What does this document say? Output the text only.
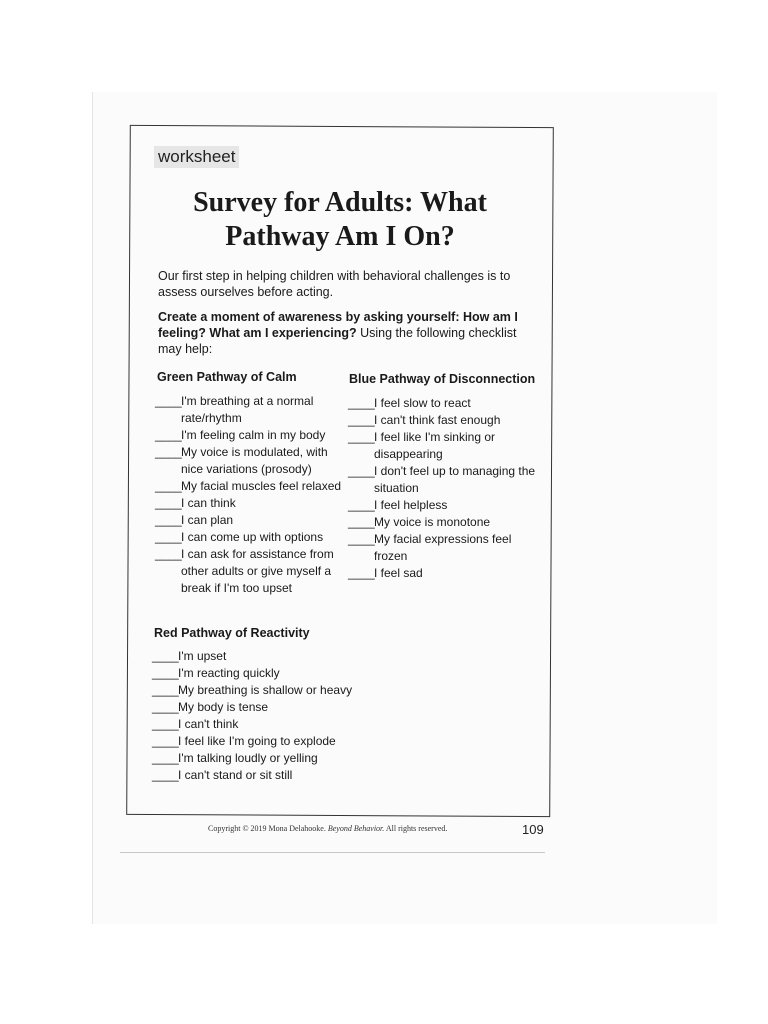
worksheet
Survey for Adults: What
Pathway Am I On?
Our first step in helping children with behavioral challenges is to assess ourselves before acting.
Create a moment of awareness by asking yourself: How am I feeling? What am I experiencing? Using the following checklist may help:
Green Pathway of Calm
____ I'm breathing at a normal rate/rhythm
____ I'm feeling calm in my body
____ My voice is modulated, with nice variations (prosody)
____ My facial muscles feel relaxed
____ I can think
____ I can plan
____ I can come up with options
____ I can ask for assistance from other adults or give myself a break if I'm too upset
Blue Pathway of Disconnection
____ I feel slow to react
____ I can't think fast enough
____ I feel like I'm sinking or disappearing
____ I don't feel up to managing the situation
____ I feel helpless
____ My voice is monotone
____ My facial expressions feel frozen
____ I feel sad
Red Pathway of Reactivity
____ I'm upset
____ I'm reacting quickly
____ My breathing is shallow or heavy
____ My body is tense
____ I can't think
____ I feel like I'm going to explode
____ I'm talking loudly or yelling
____ I can't stand or sit still
Copyright © 2019 Mona Delahooke. Beyond Behavior. All rights reserved.	109
